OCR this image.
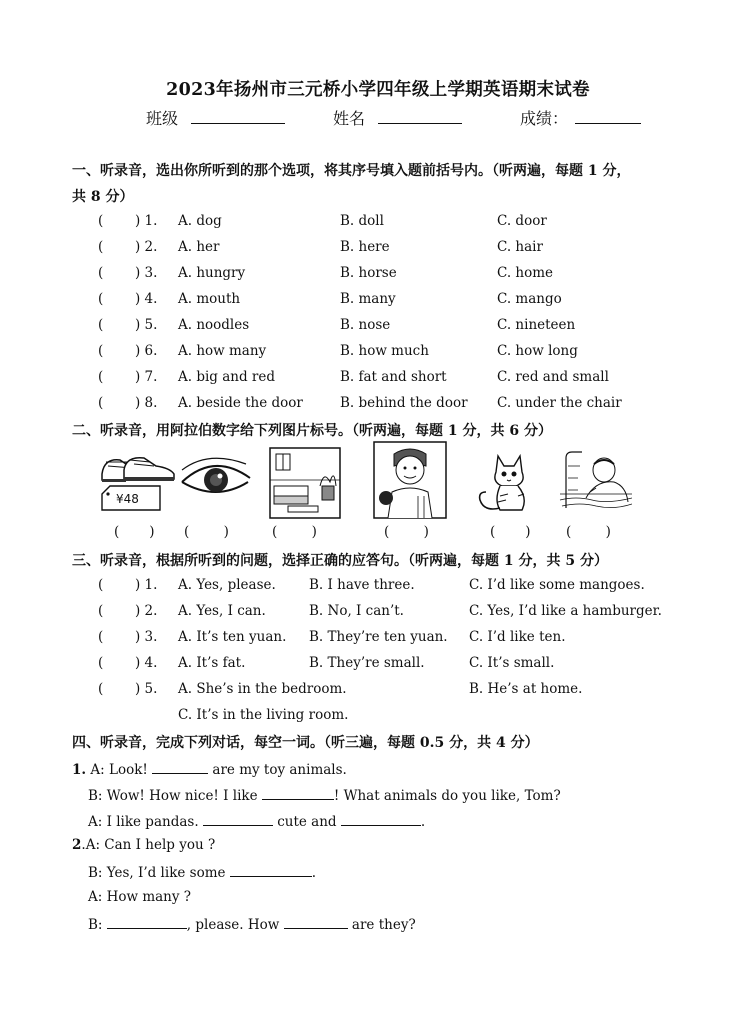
2023年扬州市三元桥小学四年级上学期英语期末试卷
班级	姓名	成绩：
一、听录音，选出你所听到的那个选项，将其序号填入题前括号内。（听两遍，每题 1 分，
共 8 分）
( ) 1. A. dog	B. doll	C. door
( ) 2. A. her	B. here	C. hair
( ) 3. A. hungry	B. horse	C. home
( ) 4. A. mouth	B. many	C. mango
( ) 5. A. noodles	B. nose	C. nineteen
( ) 6. A. how many	B. how much	C. how long
( ) 7. A. big and red	B. fat and short	C. red and small
( ) 8. A. beside the door	B. behind the door C. under the chair
二、听录音，用阿拉伯数字给下列图片标号。（听两遍，每题 1 分，共 6 分）
¥48
(       ) (        )	(        )	(        )	(       )	(        )
三、听录音，根据所听到的问题，选择正确的应答句。（听两遍，每题 1 分，共 5 分）
( ) 1. A. Yes, please. B. I have three.	C. I’d like some mangoes.
( ) 2. A. Yes, I can.	B. No, I can’t.	C. Yes, I’d like a hamburger.
( ) 3. A. It’s ten yuan. B. They’re ten yuan. C. I’d like ten.
( ) 4. A. It’s fat.	B. They’re small.	C. It’s small.
( ) 5. A. She’s in the bedroom.	B. He’s at home.
C. It’s in the living room.
四、听录音，完成下列对话，每空一词。（听三遍，每题 0.5 分，共 4 分）
1. A: Look!	are my toy animals.
B: Wow! How nice! I like	! What animals do you like, Tom?
A: I like pandas.	cute and	.
2.A: Can I help you ?
B: Yes, I’d like some	.
A: How many ?
B:	, please. How	are they?
